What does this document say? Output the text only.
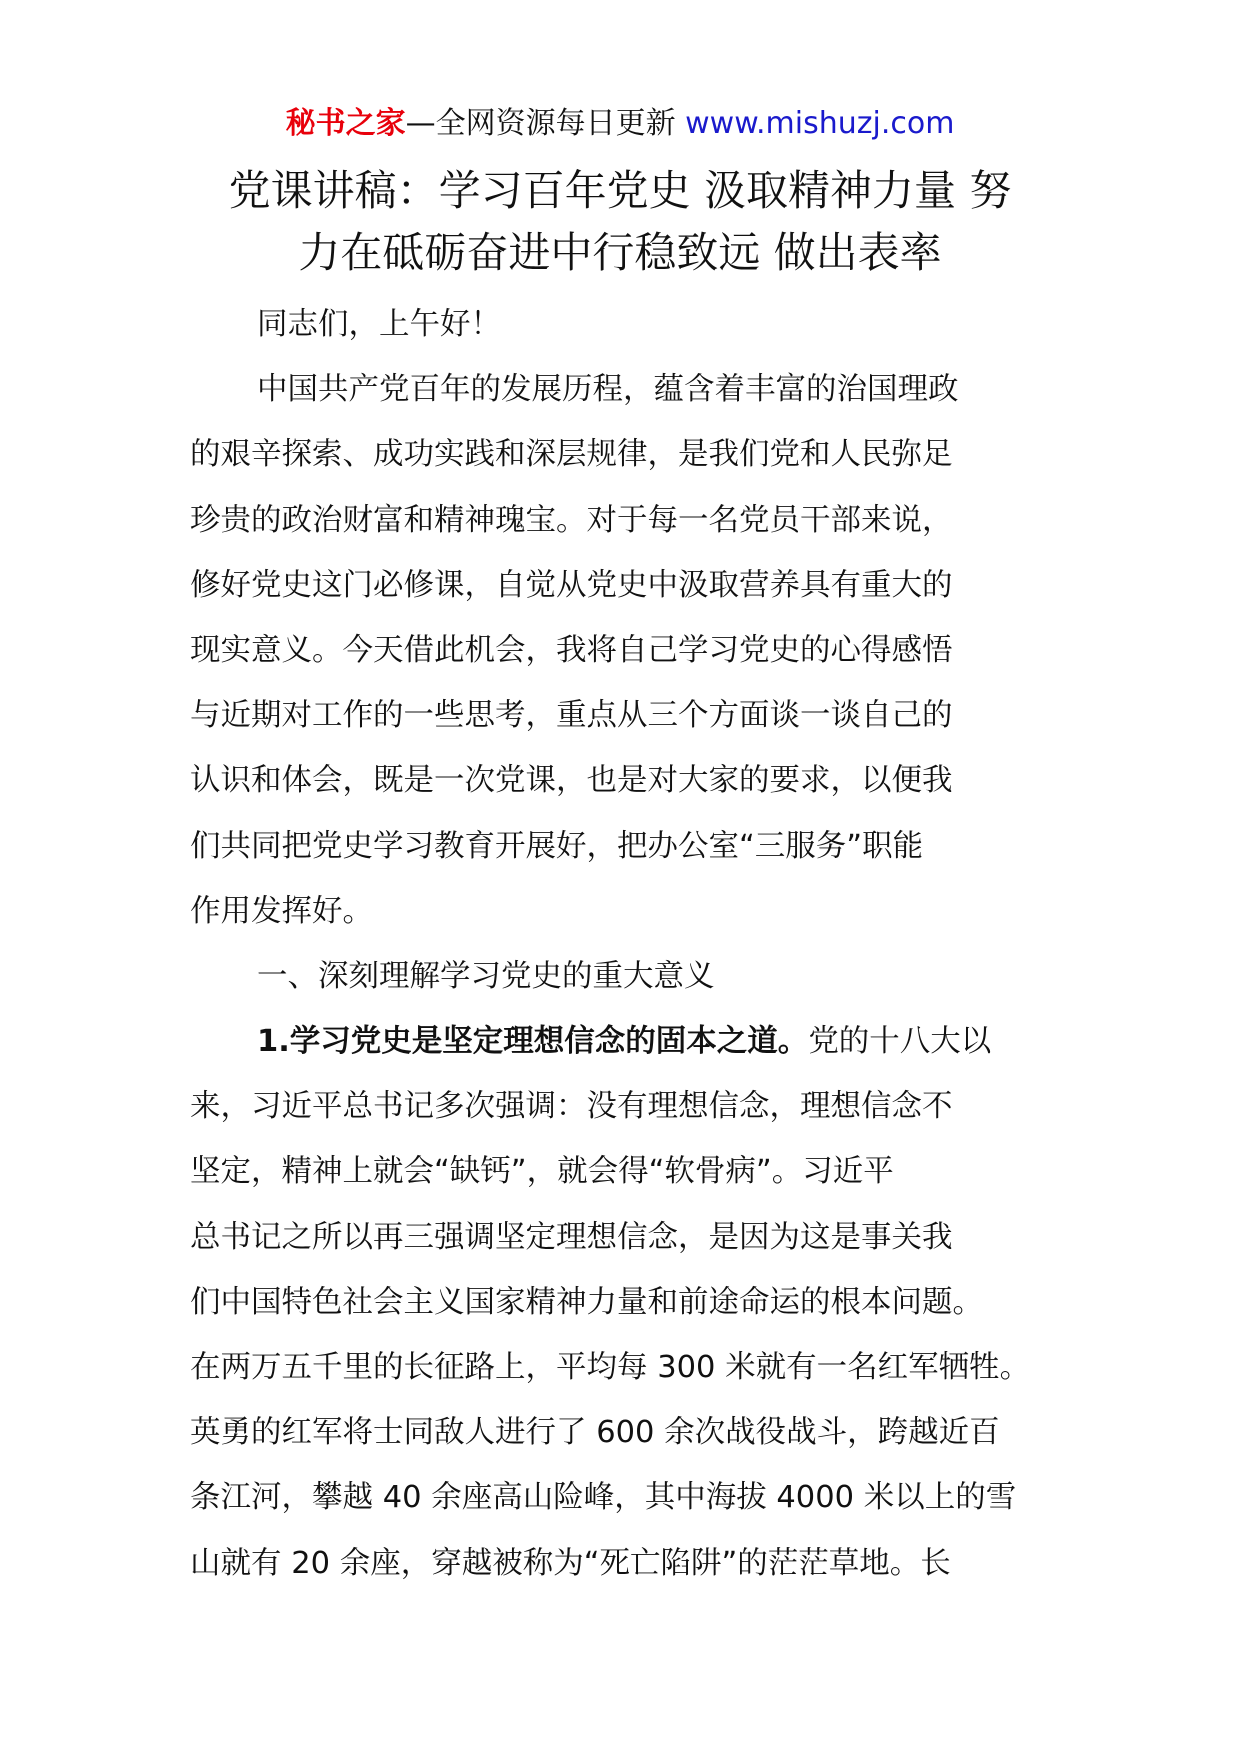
秘书之家—全网资源每日更新 www.mishuzj.com
党课讲稿：学习百年党史 汲取精神力量 努
力在砥砺奋进中行稳致远 做出表率
同志们，上午好！
中国共产党百年的发展历程，蕴含着丰富的治国理政
的艰辛探索、成功实践和深层规律，是我们党和人民弥足
珍贵的政治财富和精神瑰宝。对于每一名党员干部来说，
修好党史这门必修课，自觉从党史中汲取营养具有重大的
现实意义。今天借此机会，我将自己学习党史的心得感悟
与近期对工作的一些思考，重点从三个方面谈一谈自己的
认识和体会，既是一次党课，也是对大家的要求，以便我
们共同把党史学习教育开展好，把办公室“三服务”职能
作用发挥好。
一、深刻理解学习党史的重大意义
1.学习党史是坚定理想信念的固本之道。党的十八大以
来，习近平总书记多次强调：没有理想信念，理想信念不
坚定，精神上就会“缺钙”，就会得“软骨病”。习近平
总书记之所以再三强调坚定理想信念，是因为这是事关我
们中国特色社会主义国家精神力量和前途命运的根本问题。
在两万五千里的长征路上，平均每 300 米就有一名红军牺牲。
英勇的红军将士同敌人进行了 600 余次战役战斗，跨越近百
条江河，攀越 40 余座高山险峰，其中海拔 4000 米以上的雪
山就有 20 余座，穿越被称为“死亡陷阱”的茫茫草地。长
